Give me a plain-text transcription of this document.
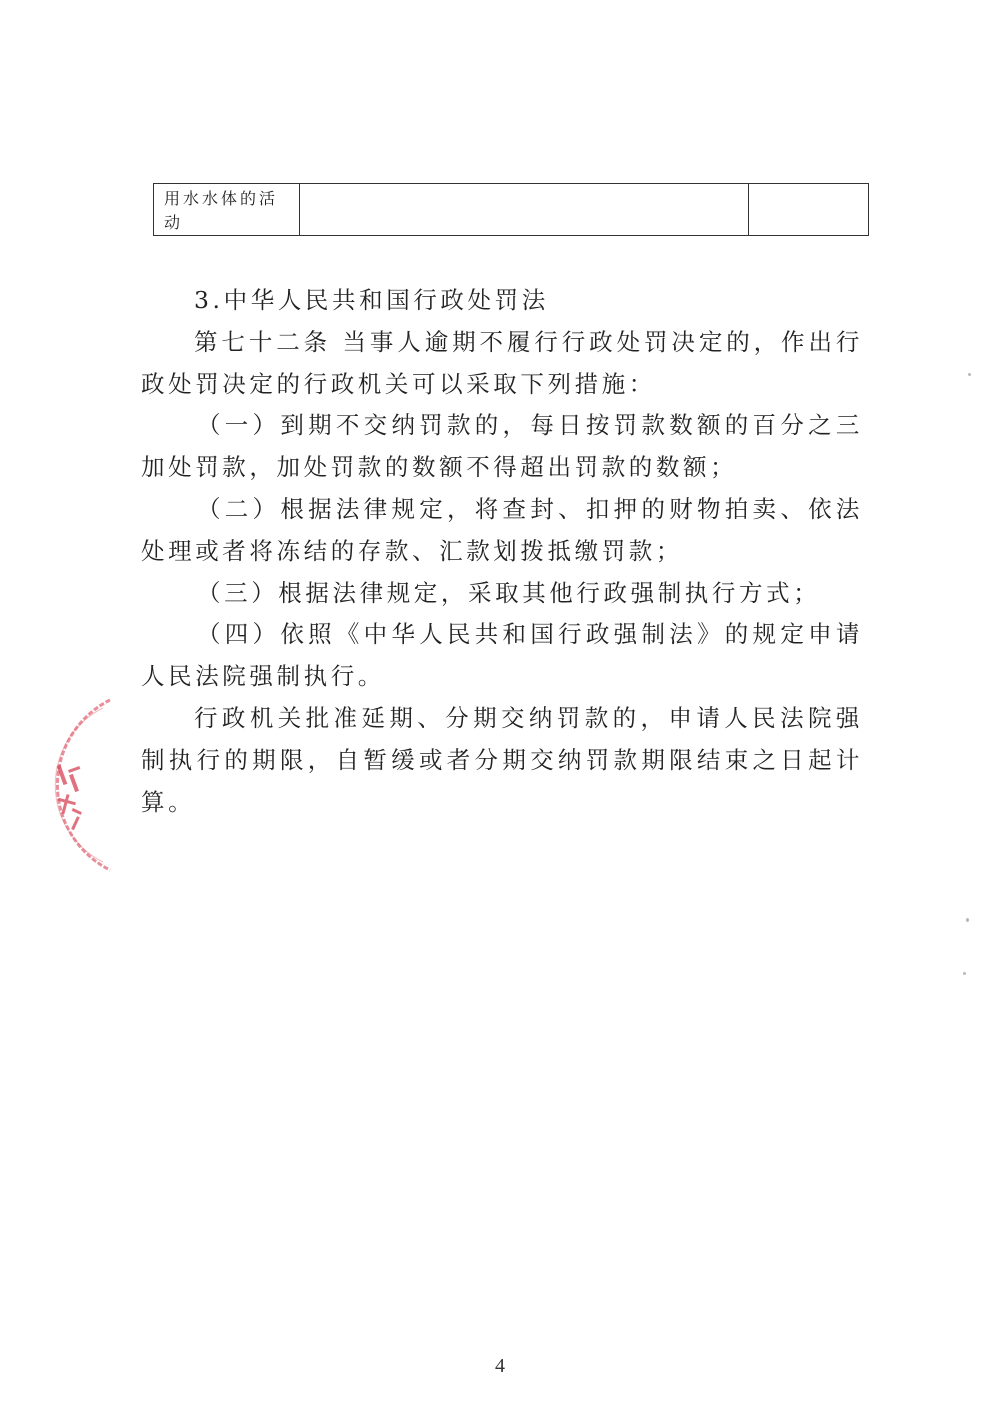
用水水体的活
动

3.中华人民共和国行政处罚法

第七十二条 当事人逾期不履行行政处罚决定的，作出行政处罚决定的行政机关可以采取下列措施：

（一）到期不交纳罚款的，每日按罚款数额的百分之三加处罚款，加处罚款的数额不得超出罚款的数额；

（二）根据法律规定，将查封、扣押的财物拍卖、依法处理或者将冻结的存款、汇款划拨抵缴罚款；

（三）根据法律规定，采取其他行政强制执行方式；

（四）依照《中华人民共和国行政强制法》的规定申请人民法院强制执行。

行政机关批准延期、分期交纳罚款的，申请人民法院强制执行的期限，自暂缓或者分期交纳罚款期限结束之日起计算。

4
